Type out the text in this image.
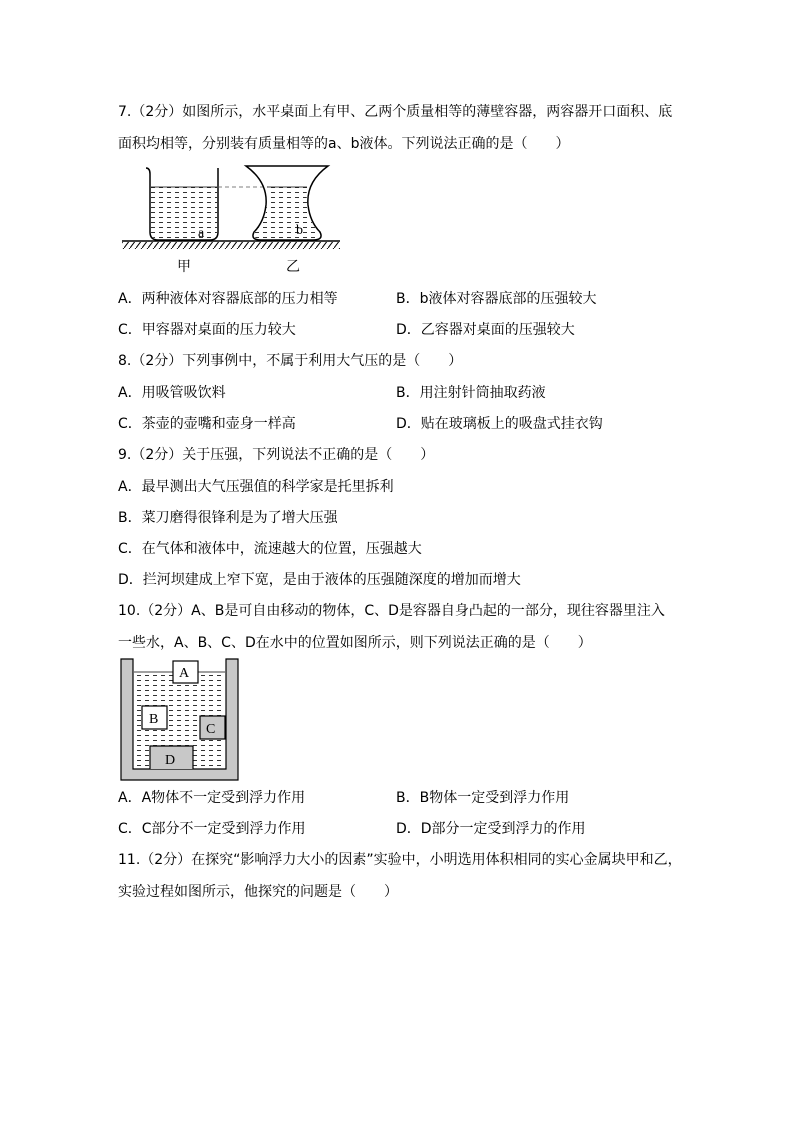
7.（2分）如图所示，水平桌面上有甲、乙两个质量相等的薄壁容器，两容器开口面积、底
面积均相等，分别装有质量相等的a、b液体。下列说法正确的是（　　）
a	b
甲	乙
A．两种液体对容器底部的压力相等	B．b液体对容器底部的压强较大
C．甲容器对桌面的压力较大	D．乙容器对桌面的压强较大
8.（2分）下列事例中，不属于利用大气压的是（　　）
A．用吸管吸饮料	B．用注射针筒抽取药液
C．茶壶的壶嘴和壶身一样高	D．贴在玻璃板上的吸盘式挂衣钩
9.（2分）关于压强，下列说法不正确的是（　　）
A．最早测出大气压强值的科学家是托里拆利
B．菜刀磨得很锋利是为了增大压强
C．在气体和液体中，流速越大的位置，压强越大
D．拦河坝建成上窄下宽，是由于液体的压强随深度的增加而增大
10.（2分）A、B是可自由移动的物体，C、D是容器自身凸起的一部分，现往容器里注入
一些水，A、B、C、D在水中的位置如图所示，则下列说法正确的是（　　）
A
B
C
D
A．A物体不一定受到浮力作用	B．B物体一定受到浮力作用
C．C部分不一定受到浮力作用	D．D部分一定受到浮力的作用
11.（2分）在探究“影响浮力大小的因素”实验中，小明选用体积相同的实心金属块甲和乙，
实验过程如图所示，他探究的问题是（　　）
